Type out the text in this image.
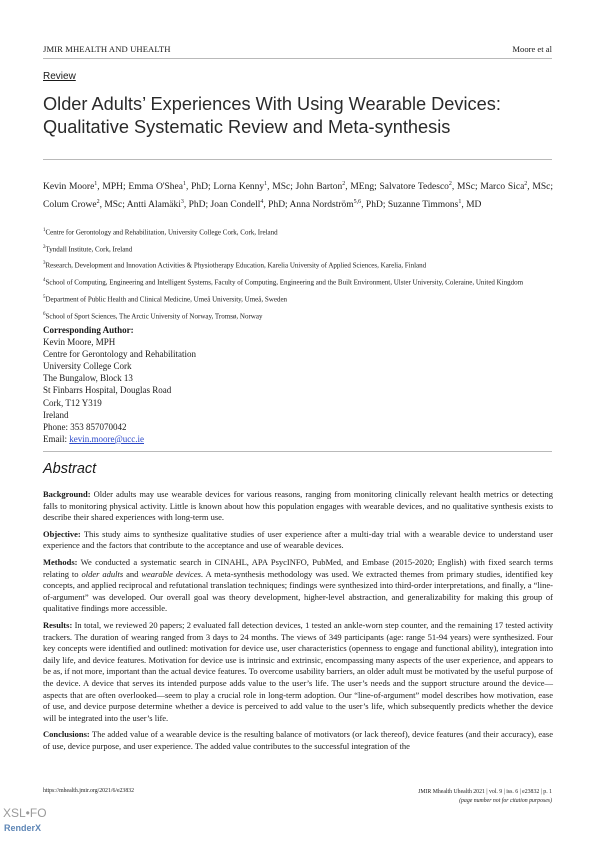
JMIR MHEALTH AND UHEALTH	Moore et al
Review
Older Adults’ Experiences With Using Wearable Devices: Qualitative Systematic Review and Meta-synthesis
Kevin Moore$^1$, MPH; Emma O'Shea$^1$, PhD; Lorna Kenny$^1$, MSc; John Barton$^2$, MEng; Salvatore Tedesco$^2$, MSc; Marco Sica$^2$, MSc; Colum Crowe$^2$, MSc; Antti Alamäki$^3$, PhD; Joan Condell$^4$, PhD; Anna Nordström$^{5,6}$, PhD; Suzanne Timmons$^1$, MD
$^1$Centre for Gerontology and Rehabilitation, University College Cork, Cork, Ireland
$^2$Tyndall Institute, Cork, Ireland
$^3$Research, Development and Innovation Activities & Physiotherapy Education, Karelia University of Applied Sciences, Karelia, Finland
$^4$School of Computing, Engineering and Intelligent Systems, Faculty of Computing, Engineering and the Built Environment, Ulster University, Coleraine, United Kingdom
$^5$Department of Public Health and Clinical Medicine, Umeå University, Umeå, Sweden
$^6$School of Sport Sciences, The Arctic University of Norway, Tromsø, Norway
Corresponding Author:
Kevin Moore, MPH
Centre for Gerontology and Rehabilitation
University College Cork
The Bungalow, Block 13
St Finbarrs Hospital, Douglas Road
Cork, T12 Y319
Ireland
Phone: 353 857070042
Email: kevin.moore@ucc.ie
Abstract

Background: Older adults may use wearable devices for various reasons, ranging from monitoring clinically relevant health metrics or detecting falls to monitoring physical activity. Little is known about how this population engages with wearable devices, and no qualitative synthesis exists to describe their shared experiences with long-term use.

Objective: This study aims to synthesize qualitative studies of user experience after a multi-day trial with a wearable device to understand user experience and the factors that contribute to the acceptance and use of wearable devices.

Methods: We conducted a systematic search in CINAHL, APA PsycINFO, PubMed, and Embase (2015-2020; English) with fixed search terms relating to older adults and wearable devices. A meta-synthesis methodology was used. We extracted themes from primary studies, identified key concepts, and applied reciprocal and refutational translation techniques; findings were synthesized into third-order interpretations, and finally, a “line-of-argument” was developed. Our overall goal was theory development, higher-level abstraction, and generalizability for making this group of qualitative findings more accessible.

Results: In total, we reviewed 20 papers; 2 evaluated fall detection devices, 1 tested an ankle-worn step counter, and the remaining 17 tested activity trackers. The duration of wearing ranged from 3 days to 24 months. The views of 349 participants (age: range 51-94 years) were synthesized. Four key concepts were identified and outlined: motivation for device use, user characteristics (openness to engage and functional ability), integration into daily life, and device features. Motivation for device use is intrinsic and extrinsic, encompassing many aspects of the user experience, and appears to be as, if not more, important than the actual device features. To overcome usability barriers, an older adult must be motivated by the useful purpose of the device. A device that serves its intended purpose adds value to the user’s life. The user’s needs and the support structure around the device—aspects that are often overlooked—seem to play a crucial role in long-term adoption. Our “line-of-argument” model describes how motivation, ease of use, and device purpose determine whether a device is perceived to add value to the user’s life, which subsequently predicts whether the device will be integrated into the user’s life.

Conclusions: The added value of a wearable device is the resulting balance of motivators (or lack thereof), device features (and their accuracy), ease of use, device purpose, and user experience. The added value contributes to the successful integration of the

https://mhealth.jmir.org/2021/6/e23832	JMIR Mhealth Uhealth 2021 | vol. 9 | iss. 6 | e23832 | p. 1
(page number not for citation purposes)
XSL•FO
RenderX
